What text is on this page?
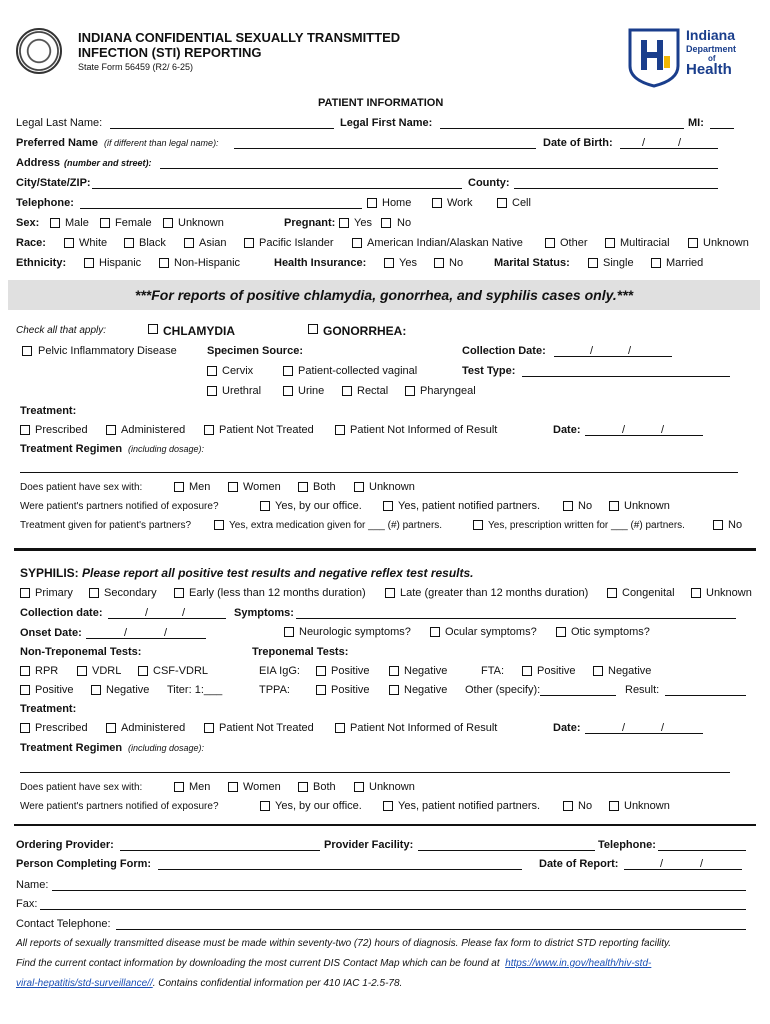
INDIANA CONFIDENTIAL SEXUALLY TRANSMITTED
INFECTION (STI) REPORTING
State Form 56459 (R2/ 6-25)
Indiana
Department
of
Health
PATIENT INFORMATION
Legal Last Name:	Legal First Name:	MI:
Preferred Name (if different than legal name):	Date of Birth:	/	/
Address (number and street):
City/State/ZIP:	County:
Telephone:	Home	Work	Cell
Sex: Male Female Unknown	Pregnant: Yes No
Race:	White	Black	Asian	Pacific Islander	American Indian/Alaskan Native	Other	Multiracial	Unknown
Ethnicity:	Hispanic	Non-Hispanic	Health Insurance:	Yes	No	Marital Status:	Single	Married
***For reports of positive chlamydia, gonorrhea, and syphilis cases only.***
Check all that apply:	CHLAMYDIA	GONORRHEA:
Pelvic Inflammatory Disease	Specimen Source:	Collection Date:	/	/
Cervix	Patient-collected vaginal	Test Type:
Urethral	Urine	Rectal	Pharyngeal
Treatment:
Prescribed	Administered	Patient Not Treated	Patient Not Informed of Result	Date:	/	/
Treatment Regimen (including dosage):
Does patient have sex with:	Men	Women	Both	Unknown
Were patient's partners notified of exposure?	Yes, by our office.	Yes, patient notified partners.	No	Unknown
Treatment given for patient's partners?	Yes, extra medication given for ___ (#) partners.	Yes, prescription written for ___ (#) partners.	No
SYPHILIS: Please report all positive test results and negative reflex test results.
Primary	Secondary	Early (less than 12 months duration)	Late (greater than 12 months duration)	Congenital	Unknown
Collection date:	/	/	Symptoms:
Onset Date:	/	/	Neurologic symptoms?	Ocular symptoms?	Otic symptoms?
Non-Treponemal Tests:	Treponemal Tests:
RPR	VDRL	CSF-VDRL	EIA IgG:	Positive	Negative	FTA:	Positive	Negative
Positive	Negative Titer: 1:___	TPPA:	Positive	Negative Other (specify):	Result:
Treatment:
Prescribed	Administered	Patient Not Treated	Patient Not Informed of Result	Date:	/	/
Treatment Regimen (including dosage):
Does patient have sex with:	Men	Women	Both	Unknown
Were patient's partners notified of exposure?	Yes, by our office.	Yes, patient notified partners.	No	Unknown
Ordering Provider:	Provider Facility:	Telephone:
Person Completing Form:	Date of Report:	/	/
Name:
Fax:
Contact Telephone:
All reports of sexually transmitted disease must be made within seventy-two (72) hours of diagnosis. Please fax form to district STD reporting facility.
Find the current contact information by downloading the most current DIS Contact Map which can be found at https://www.in.gov/health/hiv-std-
viral-hepatitis/std-surveillance//. Contains confidential information per 410 IAC 1-2.5-78.
